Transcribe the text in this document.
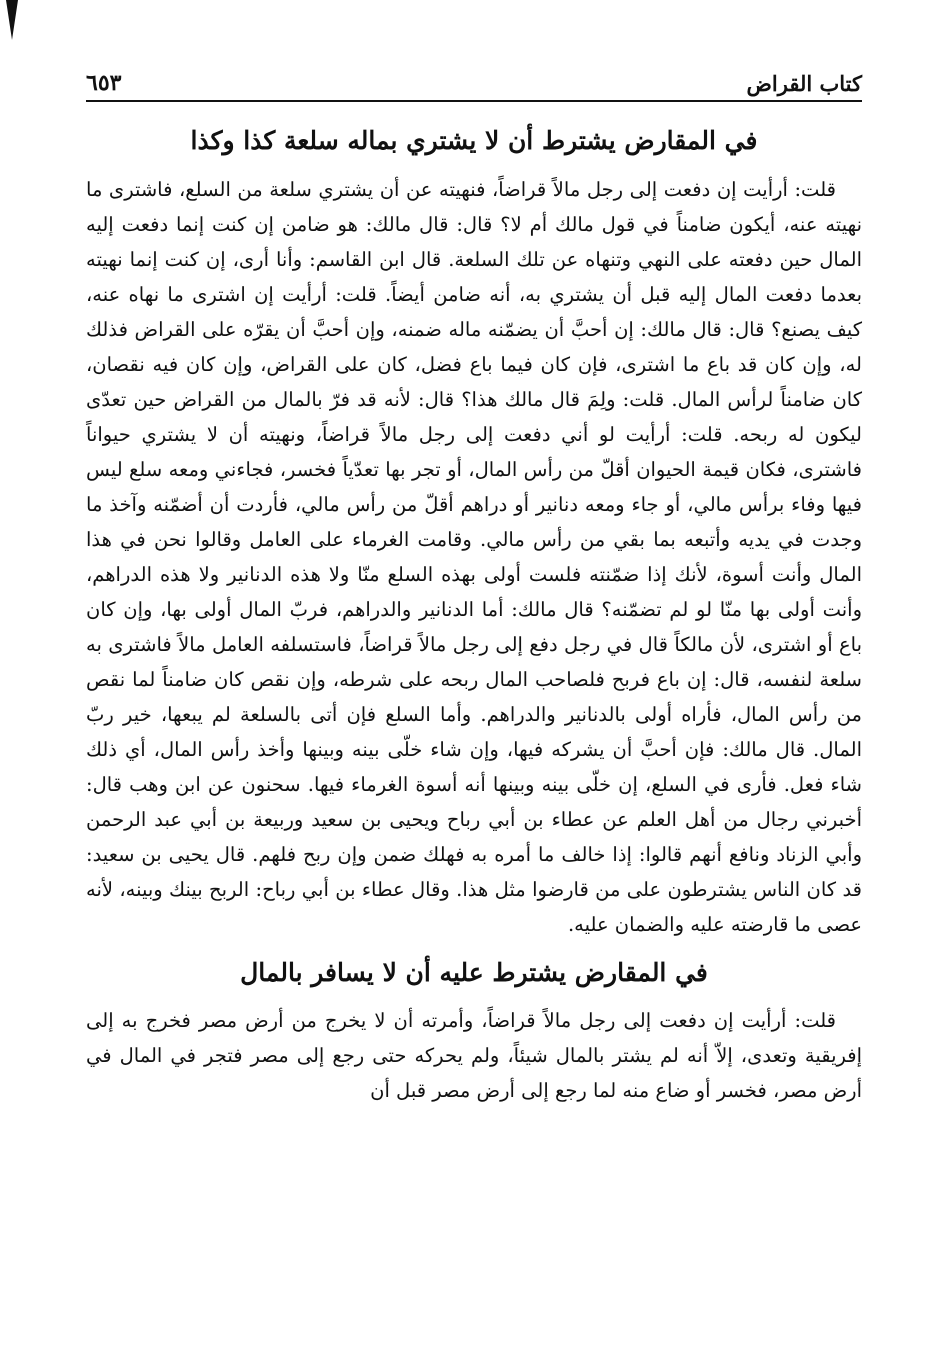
كتاب القراض
٦٥٣
في المقارض يشترط أن لا يشتري بماله سلعة كذا وكذا

قلت: أرأيت إن دفعت إلى رجل مالاً قراضاً، فنهيته عن أن يشتري سلعة من السلع، فاشترى ما نهيته عنه، أيكون ضامناً في قول مالك أم لا؟ قال: قال مالك: هو ضامن إن كنت إنما دفعت إليه المال حين دفعته على النهي وتنهاه عن تلك السلعة. قال ابن القاسم: وأنا أرى، إن كنت إنما نهيته بعدما دفعت المال إليه قبل أن يشتري به، أنه ضامن أيضاً. قلت: أرأيت إن اشترى ما نهاه عنه، كيف يصنع؟ قال: قال مالك: إن أحبَّ أن يضمّنه ماله ضمنه، وإن أحبَّ أن يقرّه على القراض فذلك له، وإن كان قد باع ما اشترى، فإن كان فيما باع فضل، كان على القراض، وإن كان فيه نقصان، كان ضامناً لرأس المال. قلت: ولِمَ قال مالك هذا؟ قال: لأنه قد فرّ بالمال من القراض حين تعدّى ليكون له ربحه. قلت: أرأيت لو أني دفعت إلى رجل مالاً قراضاً، ونهيته أن لا يشتري حيواناً فاشترى، فكان قيمة الحيوان أقلّ من رأس المال، أو تجر بها تعدّياً فخسر، فجاءني ومعه سلع ليس فيها وفاء برأس مالي، أو جاء ومعه دنانير أو دراهم أقلّ من رأس مالي، فأردت أن أضمّنه وآخذ ما وجدت في يديه وأتبعه بما بقي من رأس مالي. وقامت الغرماء على العامل وقالوا نحن في هذا المال وأنت أسوة، لأنك إذا ضمّنته فلست أولى بهذه السلع منّا ولا هذه الدنانير ولا هذه الدراهم، وأنت أولى بها منّا لو لم تضمّنه؟ قال مالك: أما الدنانير والدراهم، فربّ المال أولى بها، وإن كان باع أو اشترى، لأن مالكاً قال في رجل دفع إلى رجل مالاً قراضاً، فاستسلفه العامل مالاً فاشترى به سلعة لنفسه، قال: إن باع فربح فلصاحب المال ربحه على شرطه، وإن نقص كان ضامناً لما نقص من رأس المال، فأراه أولى بالدنانير والدراهم. وأما السلع فإن أتى بالسلعة لم يبعها، خير ربّ المال. قال مالك: فإن أحبَّ أن يشركه فيها، وإن شاء خلّى بينه وبينها وأخذ رأس المال، أي ذلك شاء فعل. فأرى في السلع، إن خلّى بينه وبينها أنه أسوة الغرماء فيها. سحنون عن ابن وهب قال: أخبرني رجال من أهل العلم عن عطاء بن أبي رباح ويحيى بن سعيد وربيعة بن أبي عبد الرحمن وأبي الزناد ونافع أنهم قالوا: إذا خالف ما أمره به فهلك ضمن وإن ربح فلهم. قال يحيى بن سعيد: قد كان الناس يشترطون على من قارضوا مثل هذا. وقال عطاء بن أبي رباح: الربح بينك وبينه، لأنه عصى ما قارضته عليه والضمان عليه.

في المقارض يشترط عليه أن لا يسافر بالمال

قلت: أرأيت إن دفعت إلى رجل مالاً قراضاً، وأمرته أن لا يخرج من أرض مصر فخرج به إلى إفريقية وتعدى، إلاّ أنه لم يشتر بالمال شيئاً، ولم يحركه حتى رجع إلى مصر فتجر في المال في أرض مصر، فخسر أو ضاع منه لما رجع إلى أرض مصر قبل أن
